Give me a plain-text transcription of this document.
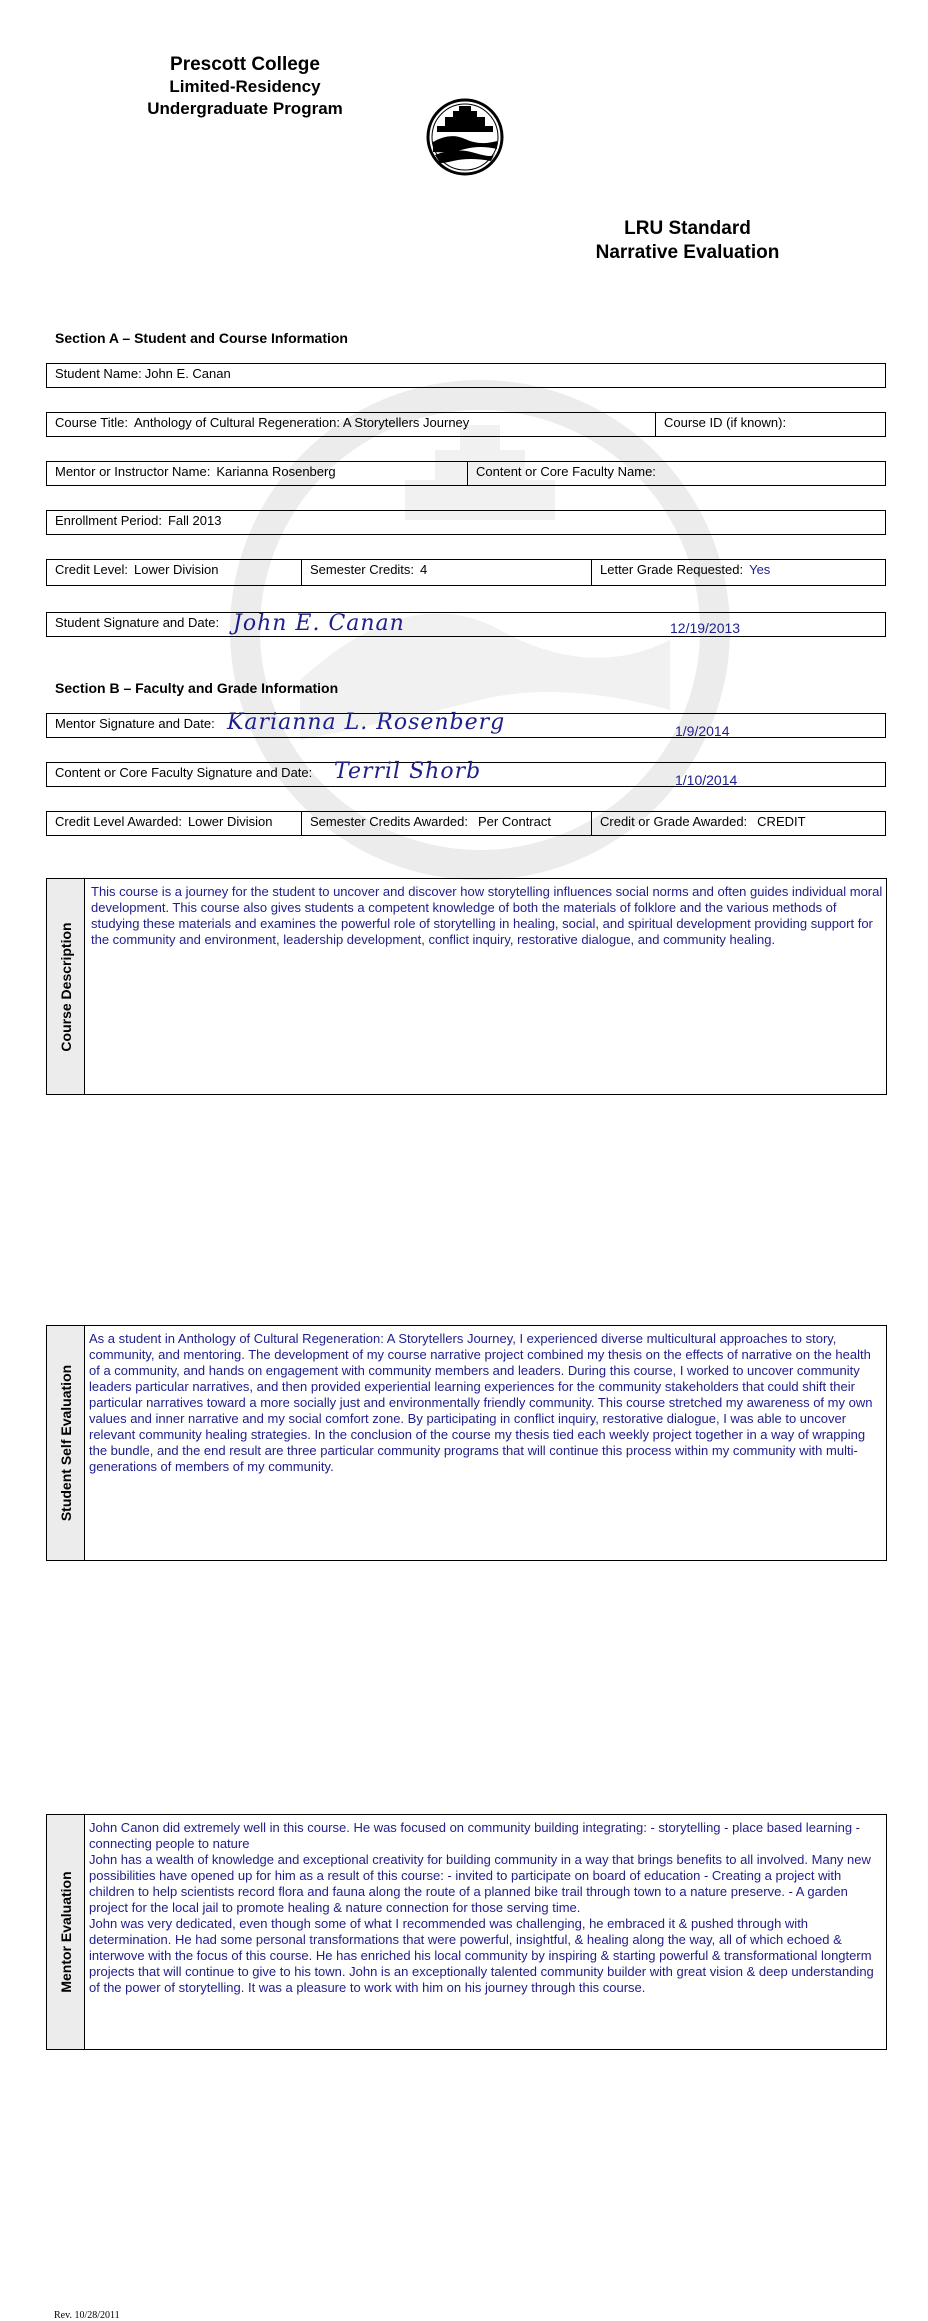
Prescott College
Limited-Residency
Undergraduate Program
LRU Standard
Narrative Evaluation
Section A – Student and Course Information
Student Name: John E. Canan
Course Title: Anthology of Cultural Regeneration: A Storytellers Journey	Course ID (if known):
Mentor or Instructor Name: Karianna Rosenberg	Content or Core Faculty Name:
Enrollment Period: Fall 2013
Credit Level: Lower Division	Semester Credits: 4	Letter Grade Requested: Yes
Student Signature and Date: John E. Canan	12/19/2013
Section B – Faculty and Grade Information
Mentor Signature and Date: Karianna L. Rosenberg	1/9/2014
Content or Core Faculty Signature and Date: Terril Shorb	1/10/2014
Credit Level Awarded: Lower Division	Semester Credits Awarded: Per Contract	Credit or Grade Awarded: CREDIT
Course Description
This course is a journey for the student to uncover and discover how storytelling influences social norms and often guides individual moral development. This course also gives students a competent knowledge of both the materials of folklore and the various methods of studying these materials and examines the powerful role of storytelling in healing, social, and spiritual development providing support for the community and environment, leadership development, conflict inquiry, restorative dialogue, and community healing.
Student Self Evaluation
As a student in Anthology of Cultural Regeneration: A Storytellers Journey, I experienced diverse multicultural approaches to story, community, and mentoring. The development of my course narrative project combined my thesis on the effects of narrative on the health of a community, and hands on engagement with community members and leaders. During this course, I worked to uncover community leaders particular narratives, and then provided experiential learning experiences for the community stakeholders that could shift their particular narratives toward a more socially just and environmentally friendly community. This course stretched my awareness of my own values and inner narrative and my social comfort zone. By participating in conflict inquiry, restorative dialogue, I was able to uncover relevant community healing strategies. In the conclusion of the course my thesis tied each weekly project together in a way of wrapping the bundle, and the end result are three particular community programs that will continue this process within my community with multi-generations of members of my community.
Mentor Evaluation
John Canon did extremely well in this course. He was focused on community building integrating: - storytelling - place based learning - connecting people to nature
John has a wealth of knowledge and exceptional creativity for building community in a way that brings benefits to all involved. Many new possibilities have opened up for him as a result of this course: - invited to participate on board of education - Creating a project with children to help scientists record flora and fauna along the route of a planned bike trail through town to a nature preserve. - A garden project for the local jail to promote healing & nature connection for those serving time.
John was very dedicated, even though some of what I recommended was challenging, he embraced it & pushed through with determination. He had some personal transformations that were powerful, insightful, & healing along the way, all of which echoed & interwove with the focus of this course. He has enriched his local community by inspiring & starting powerful & transformational longterm projects that will continue to give to his town. John is an exceptionally talented community builder with great vision & deep understanding of the power of storytelling. It was a pleasure to work with him on his journey through this course.
Rev. 10/28/2011
